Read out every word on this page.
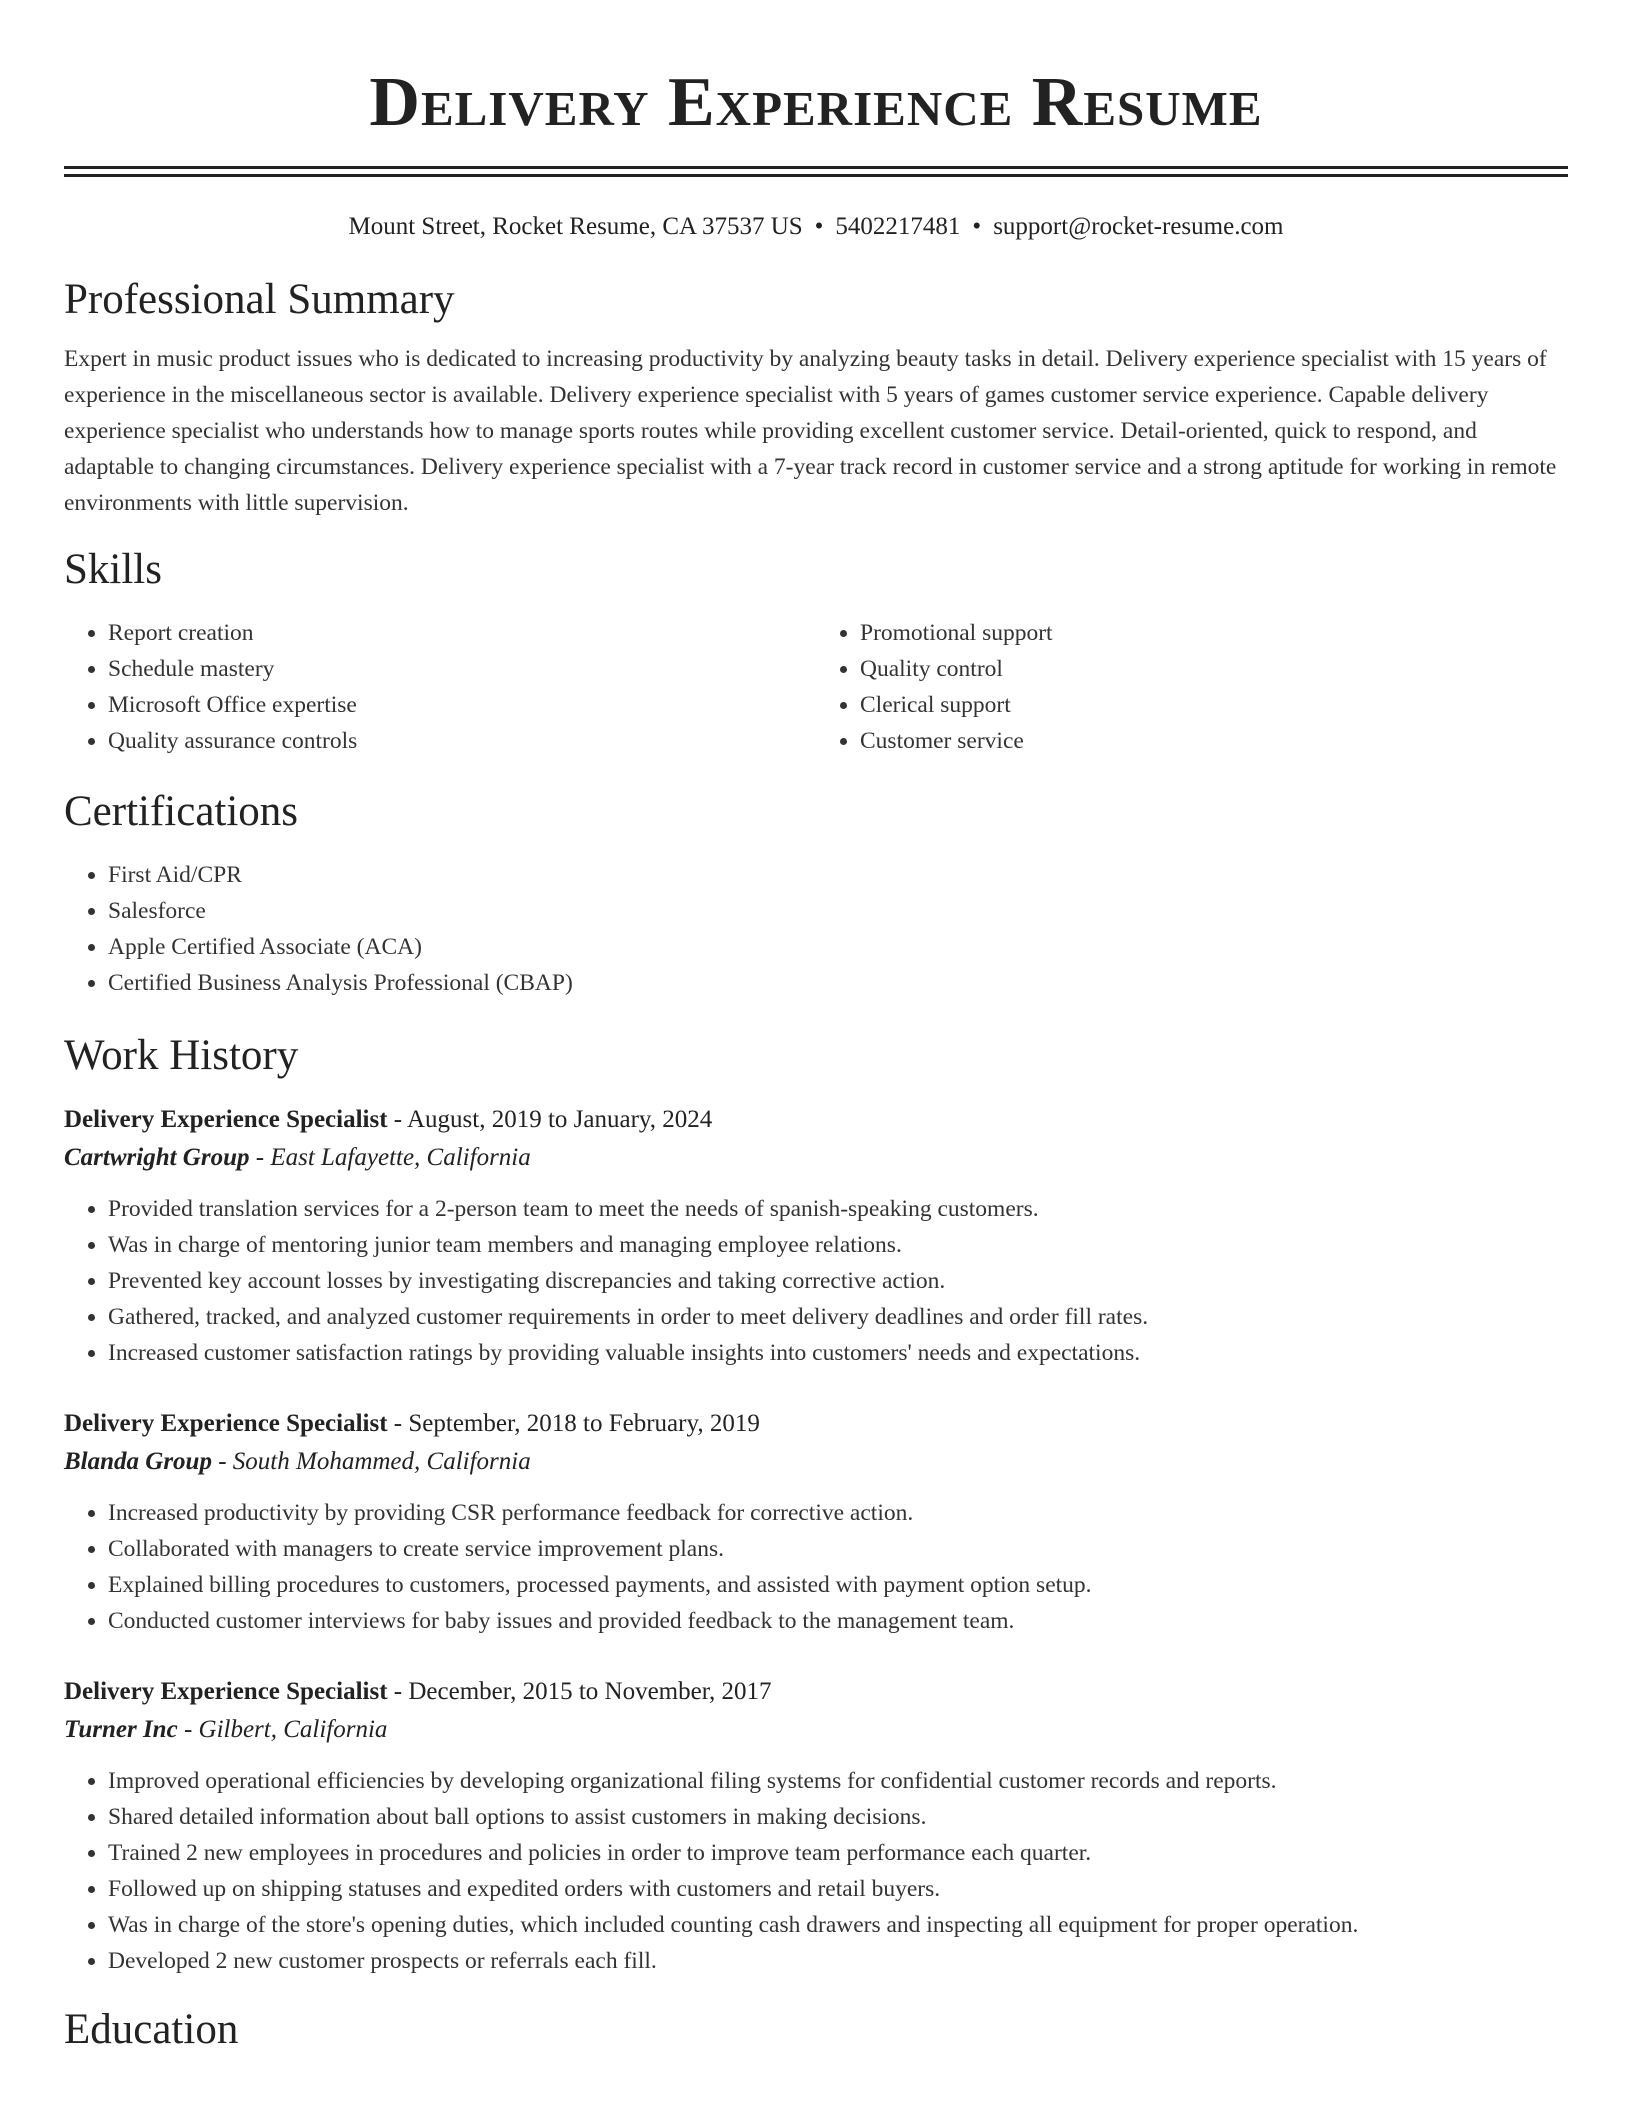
Delivery Experience Resume
Mount Street, Rocket Resume, CA 37537 US • 5402217481 • support@rocket-resume.com
Professional Summary

Expert in music product issues who is dedicated to increasing productivity by analyzing beauty tasks in detail. Delivery experience specialist with 15 years of experience in the miscellaneous sector is available. Delivery experience specialist with 5 years of games customer service experience. Capable delivery experience specialist who understands how to manage sports routes while providing excellent customer service. Detail-oriented, quick to respond, and adaptable to changing circumstances. Delivery experience specialist with a 7-year track record in customer service and a strong aptitude for working in remote environments with little supervision.

Skills
• Report creation
• Schedule mastery
• Microsoft Office expertise
• Quality assurance controls
• Promotional support
• Quality control
• Clerical support
• Customer service
Certifications
• First Aid/CPR
• Salesforce
• Apple Certified Associate (ACA)
• Certified Business Analysis Professional (CBAP)
Work History
Delivery Experience Specialist - August, 2019 to January, 2024
Cartwright Group - East Lafayette, California
• Provided translation services for a 2-person team to meet the needs of spanish-speaking customers.
• Was in charge of mentoring junior team members and managing employee relations.
• Prevented key account losses by investigating discrepancies and taking corrective action.
• Gathered, tracked, and analyzed customer requirements in order to meet delivery deadlines and order fill rates.
• Increased customer satisfaction ratings by providing valuable insights into customers' needs and expectations.
Delivery Experience Specialist - September, 2018 to February, 2019
Blanda Group - South Mohammed, California
• Increased productivity by providing CSR performance feedback for corrective action.
• Collaborated with managers to create service improvement plans.
• Explained billing procedures to customers, processed payments, and assisted with payment option setup.
• Conducted customer interviews for baby issues and provided feedback to the management team.
Delivery Experience Specialist - December, 2015 to November, 2017
Turner Inc - Gilbert, California
• Improved operational efficiencies by developing organizational filing systems for confidential customer records and reports.
• Shared detailed information about ball options to assist customers in making decisions.
• Trained 2 new employees in procedures and policies in order to improve team performance each quarter.
• Followed up on shipping statuses and expedited orders with customers and retail buyers.
• Was in charge of the store's opening duties, which included counting cash drawers and inspecting all equipment for proper operation.
• Developed 2 new customer prospects or referrals each fill.
Education
